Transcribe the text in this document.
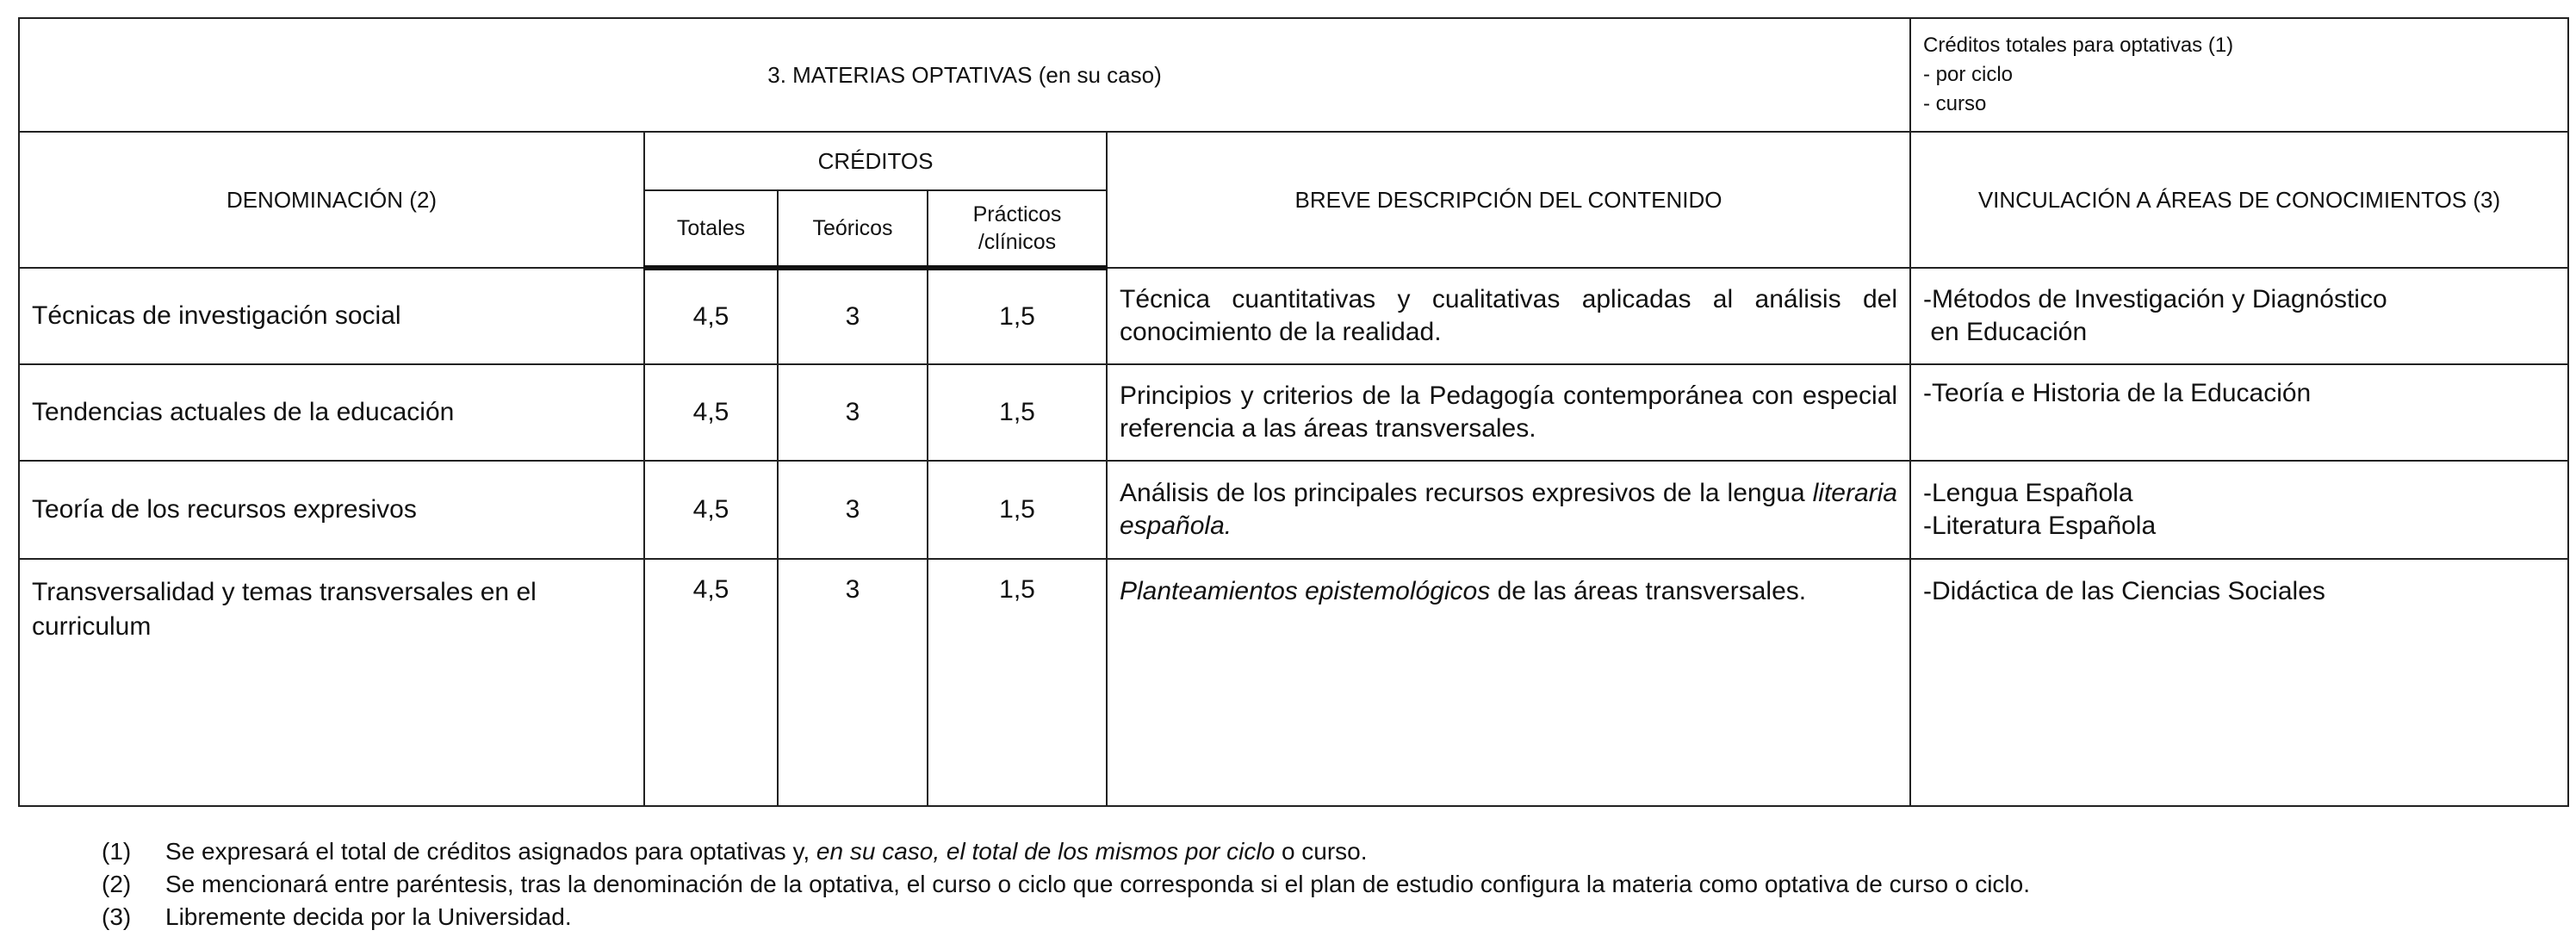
3. MATERIAS OPTATIVAS (en su caso)					Créditos totales para optativas (1)
- por ciclo
- curso

DENOMINACIÓN (2)	CRÉDITOS			BREVE DESCRIPCIÓN DEL CONTENIDO	VINCULACIÓN A ÁREAS DE CONOCIMIENTOS (3)
	Totales	Teóricos	Prácticos
/clínicos		

Técnicas de investigación social	4,5	3	1,5	Técnica cuantitativas y cualitativas aplicadas al análisis del conocimiento de la realidad.	-Métodos de Investigación y Diagnóstico
en Educación

Tendencias actuales de la educación	4,5	3	1,5	Principios y criterios de la Pedagogía contemporánea con especial referencia a las áreas transversales.	-Teoría e Historia de la Educación

Teoría de los recursos expresivos	4,5	3	1,5	Análisis de los principales recursos expresivos de la lengua literaria española.	-Lengua Española
-Literatura Española

Transversalidad y temas transversales en el curriculum	4,5	3	1,5	Planteamientos epistemológicos de las áreas transversales.	-Didáctica de las Ciencias Sociales
(1)	Se expresará el total de créditos asignados para optativas y, en su caso, el total de los mismos por ciclo o curso.
(2)	Se mencionará entre paréntesis, tras la denominación de la optativa, el curso o ciclo que corresponda si el plan de estudio configura la materia como optativa de curso o ciclo.
(3)	Libremente decida por la Universidad.
